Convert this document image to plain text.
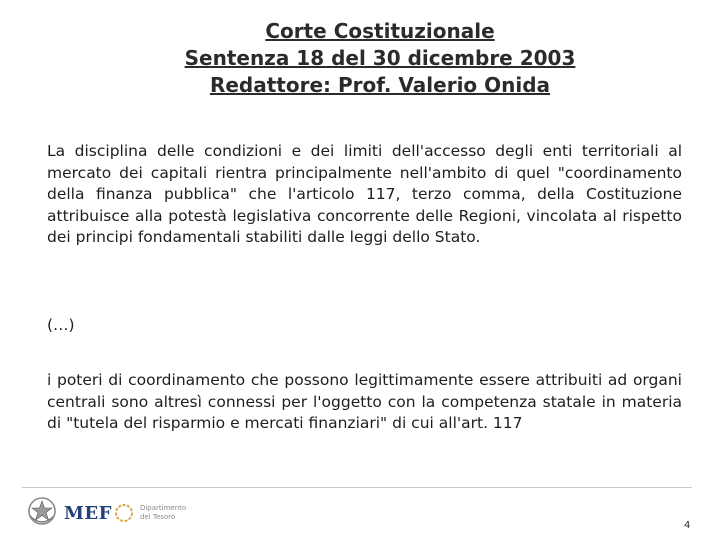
Corte Costituzionale
Sentenza 18 del 30 dicembre 2003
Redattore: Prof. Valerio Onida

La disciplina delle condizioni e dei limiti dell'accesso degli enti territoriali al mercato dei capitali rientra principalmente nell'ambito di quel "coordinamento della finanza pubblica" che l'articolo 117, terzo comma, della Costituzione attribuisce alla potestà legislativa concorrente delle Regioni, vincolata al rispetto dei principi fondamentali stabiliti dalle leggi dello Stato.

(…)

i poteri di coordinamento che possono legittimamente essere attribuiti ad organi centrali sono altresì connessi per l'oggetto con la competenza statale in materia di "tutela del risparmio e mercati finanziari" di cui all'art. 117

MEF	Dipartimento
del Tesoro
4
